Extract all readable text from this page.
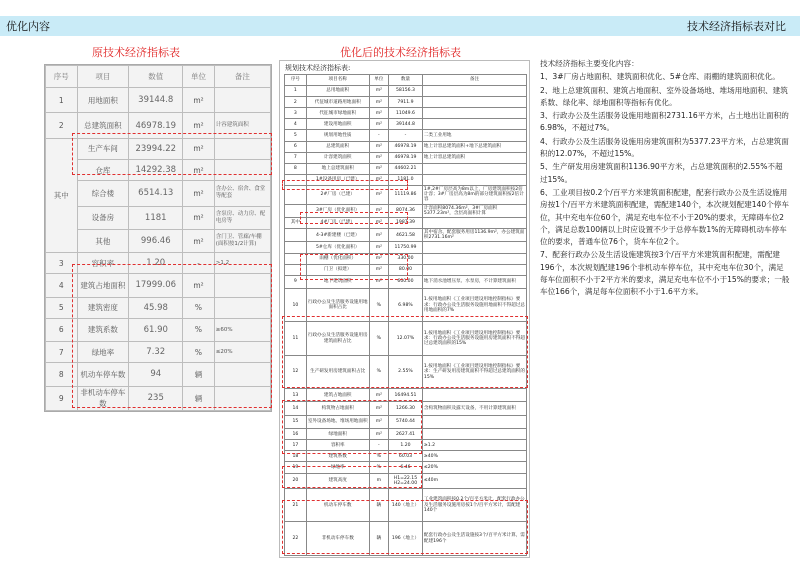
优化内容	技术经济指标表对比
原技术经济指标表	优化后的技术经济指标表
序号	项目	数值	单位	备注
1	用地面积	39144.8	m²	
2	总建筑面积	46978.19	m²	计容建筑面积
其中	生产车间	23994.22	m²	
	仓库	14292.38	m²	
	综合楼	6514.13	m²	含办公、宿舍、食堂等配套
	设备房	1181	m²	含泵房、动力房、配电房等
	其他	996.46	m²	含门卫、管廊/车棚(面积按1/2计算)
3	容积率	1.20	-	>1.2
4	建筑占地面积	17999.06	m²	
5	建筑密度	45.98	%	
6	建筑系数	61.90	%	≥60%
7	绿地率	7.32	%	≤20%
8	机动车停车数	94	辆	
9	非机动车停车数	235	辆	
规划技术经济指标表:
序号	项目名称	单位	数量	备注
1	总用地面积	m²	58156.3	
2	代征城市道路用地面积	m²	7911.9	
3	代征城市绿地面积	m²	11049.6	
4	建设用地面积	m²	39144.8	
5	规划用地性质	-	-	二类工业用地
6	总建筑面积	m²	46978.19	地上计容总建筑面积+地下总建筑面积
7	计容建筑面积	m²	46978.19	地上计容总建筑面积
8	地上总建筑面积	m²	44602.21	
	1#设备用房（已建）	m²	1181.0	
	2#厂房（已建）	m²	11119.86	1#,2#厂房层高为8m以上，厂房建筑面积按2倍计容；3#厂房层高为8m的部分建筑面积按2倍计容
	3#厂房（优化面积）	m²	8074.36	计容面积8074.36m²，3#厂房面积5377.23m²，含层高面积计算
其中	4#厂房（已建）	m²	1987.39	
	4-3#新建楼（已建）	m²	4621.58	其中宿舍、配套服务用房1136.9m²，办公建筑面积2731.16m²
	5#仓库（优化面积）	m²	11750.99	
	雨棚（优化面积）	m²	330.00	
	门卫（拟建）	m²	80.00	
9	地下建筑面积	m²	600.00	地下消水池增压泵、水泵房，不计算建筑面积
10	行政办公及生活服务设施用地面积占比	%	6.98%	1.按用地面积《工业项目建设用地控制指标》要求：行政办公及生活服务设施用地面积不得超过总用地面积的7%
11	行政办公及生活服务设施用房建筑面积占比	%	12.07%	1.按用地面积《工业项目建设用地控制指标》要求：行政办公及生活服务设施用房建筑面积不得超过总建筑面积的15%
12	生产研发用房建筑面积占比	%	2.55%	1.按用地面积《工业项目建设用地控制指标》要求：生产研发用房建筑面积不得超过总建筑面积的15%
13	建筑占地面积	m²	16494.51	
14	构筑物占地面积	m²	1266.30	含构筑物面积及露天设备，不用计算建筑面积
15	室外设备场地、堆场用地面积	m²	5740.44	
16	绿地面积	m²	2627.41	
17	容积率	-	1.20	≥1.2
18	建筑系数	%	60.03	≥40%
19	绿地率	%	6.46	≤20%
20	建筑高度	m	H1=22.15 H2=24.00	≤40m
21	机动车停车数	辆	140（地上）	工业建筑面积按0.2个/百平方米计，配套行政办公及生活服务设施用房按1个/百平方米计，需配建140个
22	非机动车停车数	辆	196（地上）	配套行政办公及生活设施按3个/百平方米计算，需配建196个

技术经济指标主要变化内容：

1、3#厂房占地面积、建筑面积优化、5#仓库、雨棚的建筑面积优化。

2、地上总建筑面积、建筑占地面积、室外设备场地、堆场用地面积、建筑系数、绿化率、绿地面积等指标有优化。

3、行政办公及生活服务设施用地面积2731.16平方米，占土地出让面积的6.98%，不超过7%。

4、行政办公及生活服务设施用房建筑面积为5377.23平方米，占总建筑面积的12.07%，不超过15%。

5、生产研发用房建筑面积1136.90平方米，占总建筑面积的2.55%不超过15%。

6、工业项目按0.2个/百平方米建筑面积配建，配套行政办公及生活设施用房按1个/百平方米建筑面积配建，需配建140个，本次规划配建140个停车位，其中充电车位60个，满足充电车位不小于20%的要求，无障碍车位2个，满足总数100辆以上时应设置不少于总停车数1%的无障碍机动车停车位的要求，普通车位76个，货车车位2个。

7、配套行政办公及生活设施建筑按3个/百平方米建筑面积配建，需配建196个，本次规划配建196个非机动车停车位，其中充电车位30个，满足每车位面积不小于2平方米的要求，满足充电车位不小于15%的要求；一般车位166个，满足每车位面积不小于1.6平方米。
